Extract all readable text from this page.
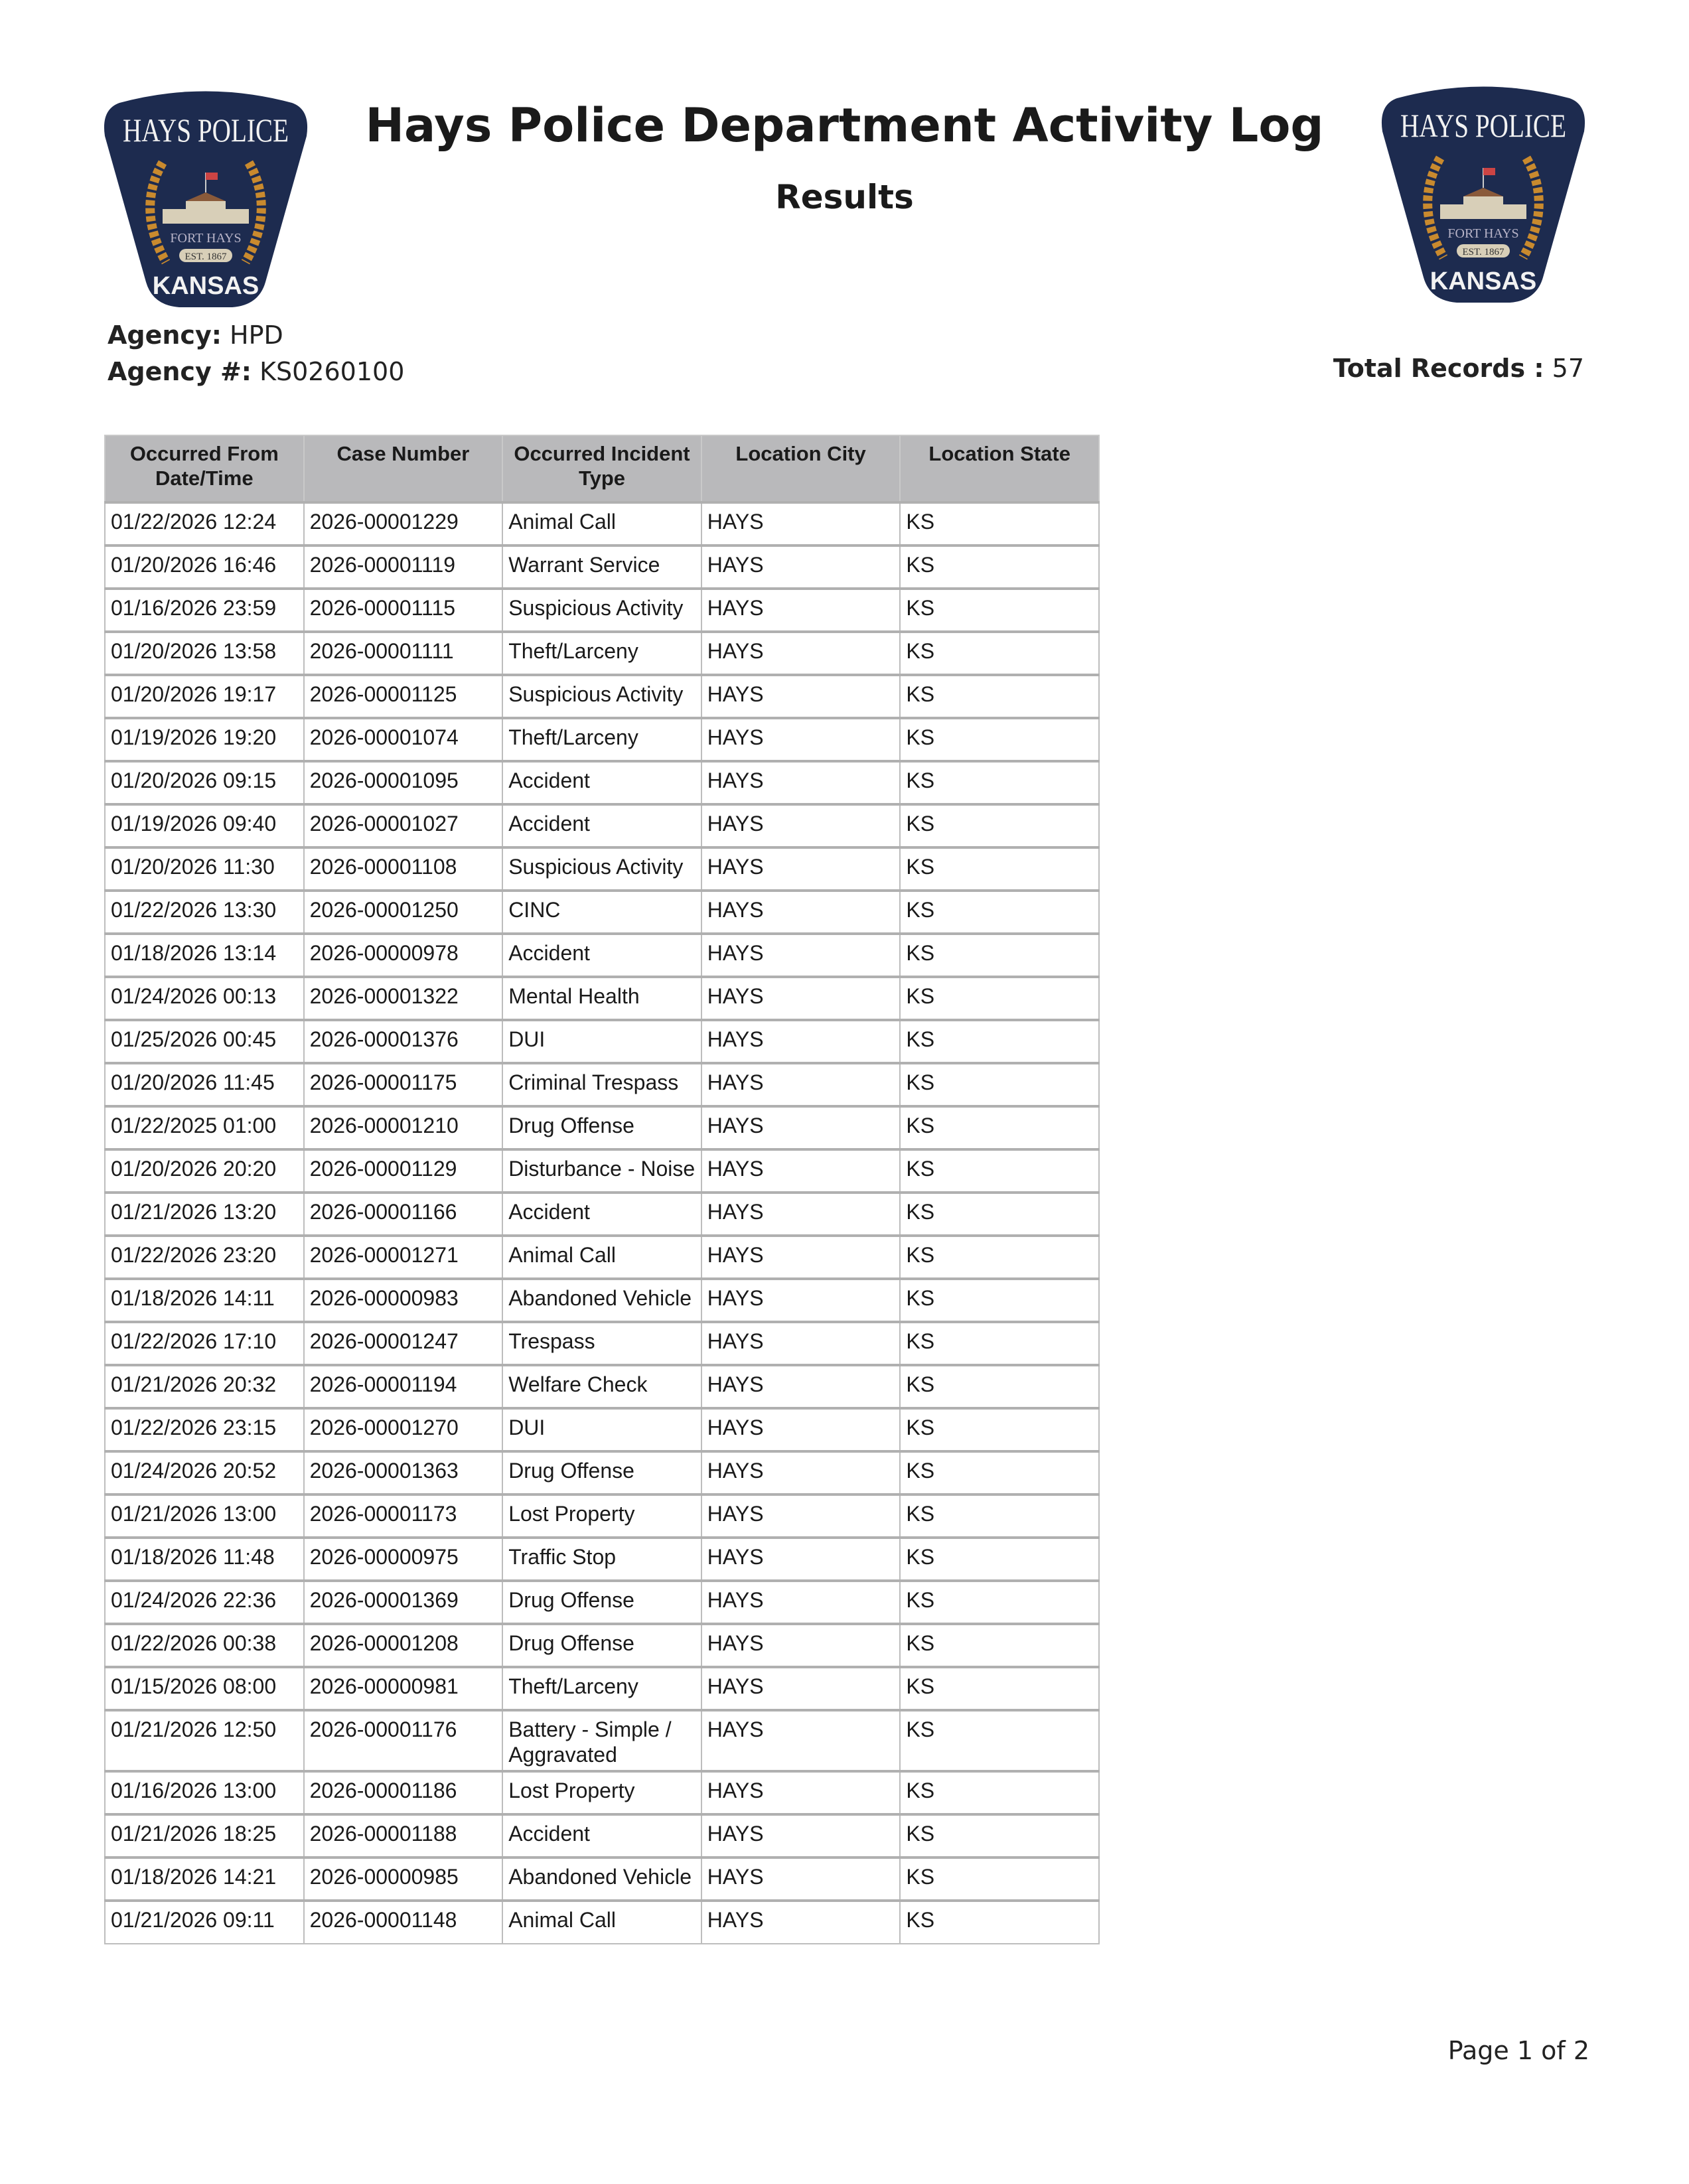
HAYS POLICE
FORT HAYS
EST. 1867
KANSAS
HAYS POLICE
FORT HAYS
EST. 1867
KANSAS
Hays Police Department Activity Log
Results
Agency: HPD
Agency #: KS0260100	Total Records : 57
Occurred From Date/Time	Case Number	Occurred Incident Type	Location City	Location State
01/22/2026 12:24	2026-00001229	Animal Call	HAYS	KS
01/20/2026 16:46	2026-00001119	Warrant Service	HAYS	KS
01/16/2026 23:59	2026-00001115	Suspicious Activity	HAYS	KS
01/20/2026 13:58	2026-00001111	Theft/Larceny	HAYS	KS
01/20/2026 19:17	2026-00001125	Suspicious Activity	HAYS	KS
01/19/2026 19:20	2026-00001074	Theft/Larceny	HAYS	KS
01/20/2026 09:15	2026-00001095	Accident	HAYS	KS
01/19/2026 09:40	2026-00001027	Accident	HAYS	KS
01/20/2026 11:30	2026-00001108	Suspicious Activity	HAYS	KS
01/22/2026 13:30	2026-00001250	CINC	HAYS	KS
01/18/2026 13:14	2026-00000978	Accident	HAYS	KS
01/24/2026 00:13	2026-00001322	Mental Health	HAYS	KS
01/25/2026 00:45	2026-00001376	DUI	HAYS	KS
01/20/2026 11:45	2026-00001175	Criminal Trespass	HAYS	KS
01/22/2025 01:00	2026-00001210	Drug Offense	HAYS	KS
01/20/2026 20:20	2026-00001129	Disturbance - Noise	HAYS	KS
01/21/2026 13:20	2026-00001166	Accident	HAYS	KS
01/22/2026 23:20	2026-00001271	Animal Call	HAYS	KS
01/18/2026 14:11	2026-00000983	Abandoned Vehicle	HAYS	KS
01/22/2026 17:10	2026-00001247	Trespass	HAYS	KS
01/21/2026 20:32	2026-00001194	Welfare Check	HAYS	KS
01/22/2026 23:15	2026-00001270	DUI	HAYS	KS
01/24/2026 20:52	2026-00001363	Drug Offense	HAYS	KS
01/21/2026 13:00	2026-00001173	Lost Property	HAYS	KS
01/18/2026 11:48	2026-00000975	Traffic Stop	HAYS	KS
01/24/2026 22:36	2026-00001369	Drug Offense	HAYS	KS
01/22/2026 00:38	2026-00001208	Drug Offense	HAYS	KS
01/15/2026 08:00	2026-00000981	Theft/Larceny	HAYS	KS
01/21/2026 12:50	2026-00001176	Battery - Simple / Aggravated	HAYS	KS
01/16/2026 13:00	2026-00001186	Lost Property	HAYS	KS
01/21/2026 18:25	2026-00001188	Accident	HAYS	KS
01/18/2026 14:21	2026-00000985	Abandoned Vehicle	HAYS	KS
01/21/2026 09:11	2026-00001148	Animal Call	HAYS	KS
Page 1 of 2
